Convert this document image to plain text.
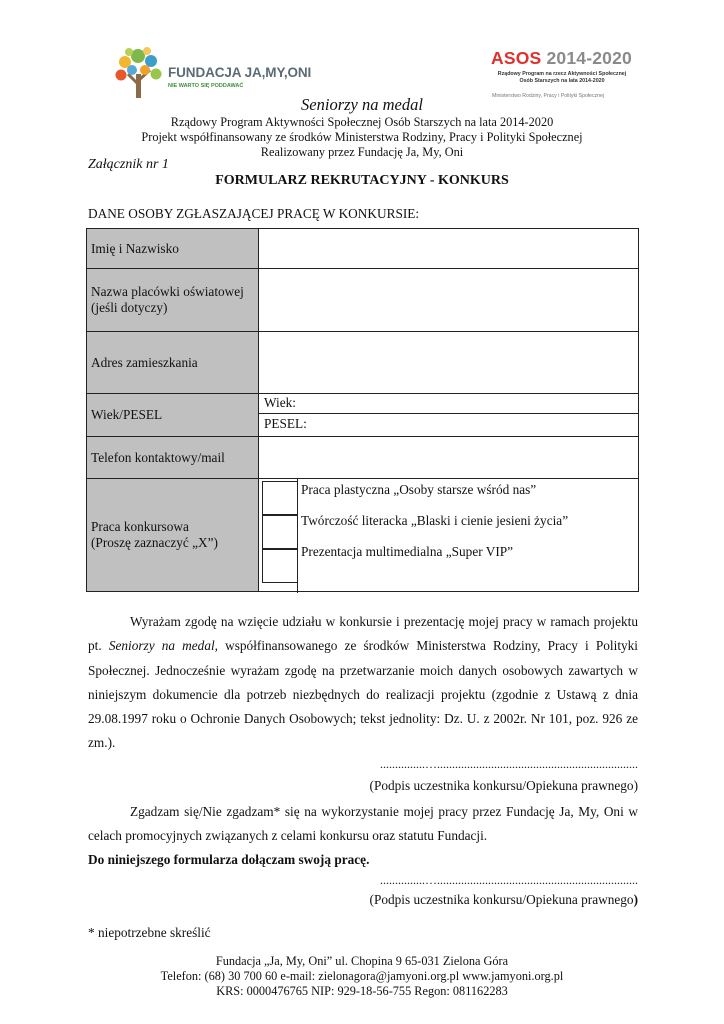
FUNDACJA JA,MY,ONI
NIE WARTO SIĘ PODDAWAĆ
ASOS 2014-2020
Rządowy Program na rzecz Aktywności Społecznej
Osób Starszych na lata 2014-2020
Ministerstwo Rodziny, Pracy i Polityki Społecznej
Seniorzy na medal
Rządowy Program Aktywności Społecznej Osób Starszych na lata 2014-2020
Projekt współfinansowany ze środków Ministerstwa Rodziny, Pracy i Polityki Społecznej
Realizowany przez Fundację Ja, My, Oni
Załącznik nr 1
FORMULARZ REKRUTACYJNY - KONKURS
DANE OSOBY ZGŁASZAJĄCEJ PRACĘ W KONKURSIE:
Imię i Nazwisko
Nazwa placówki oświatowej
(jeśli dotyczy)
Adres zamieszkania
Wiek/PESEL
Wiek:
PESEL:
Telefon kontaktowy/mail
Praca konkursowa
(Proszę zaznaczyć „X”)
Praca plastyczna „Osoby starsze wśród nas”
Twórczość literacka „Blaski i cienie jesieni życia”
Prezentacja multimedialna „Super VIP”

Wyrażam zgodę na wzięcie udziału w konkursie i prezentację mojej pracy w ramach projektu pt. Seniorzy na medal, współfinansowanego ze środków Ministerstwa Rodziny, Pracy i Polityki Społecznej. Jednocześnie wyrażam zgodę na przetwarzanie moich danych osobowych zawartych w niniejszym dokumencie dla potrzeb niezbędnych do realizacji projektu (zgodnie z Ustawą z dnia 29.08.1997 roku o Ochronie Danych Osobowych; tekst jednolity: Dz. U. z 2002r. Nr 101, poz. 926 ze zm.).

...............…...................................................................
(Podpis uczestnika konkursu/Opiekuna prawnego)

Zgadzam się/Nie zgadzam* się na wykorzystanie mojej pracy przez Fundację Ja, My, Oni w celach promocyjnych związanych z celami konkursu oraz statutu Fundacji.

Do niniejszego formularza dołączam swoją pracę.

...............…...................................................................
(Podpis uczestnika konkursu/Opiekuna prawnego)
* niepotrzebne skreślić
Fundacja „Ja, My, Oni” ul. Chopina 9 65-031 Zielona Góra
Telefon: (68) 30 700 60 e-mail: zielonagora@jamyoni.org.pl www.jamyoni.org.pl
KRS: 0000476765 NIP: 929-18-56-755 Regon: 081162283
